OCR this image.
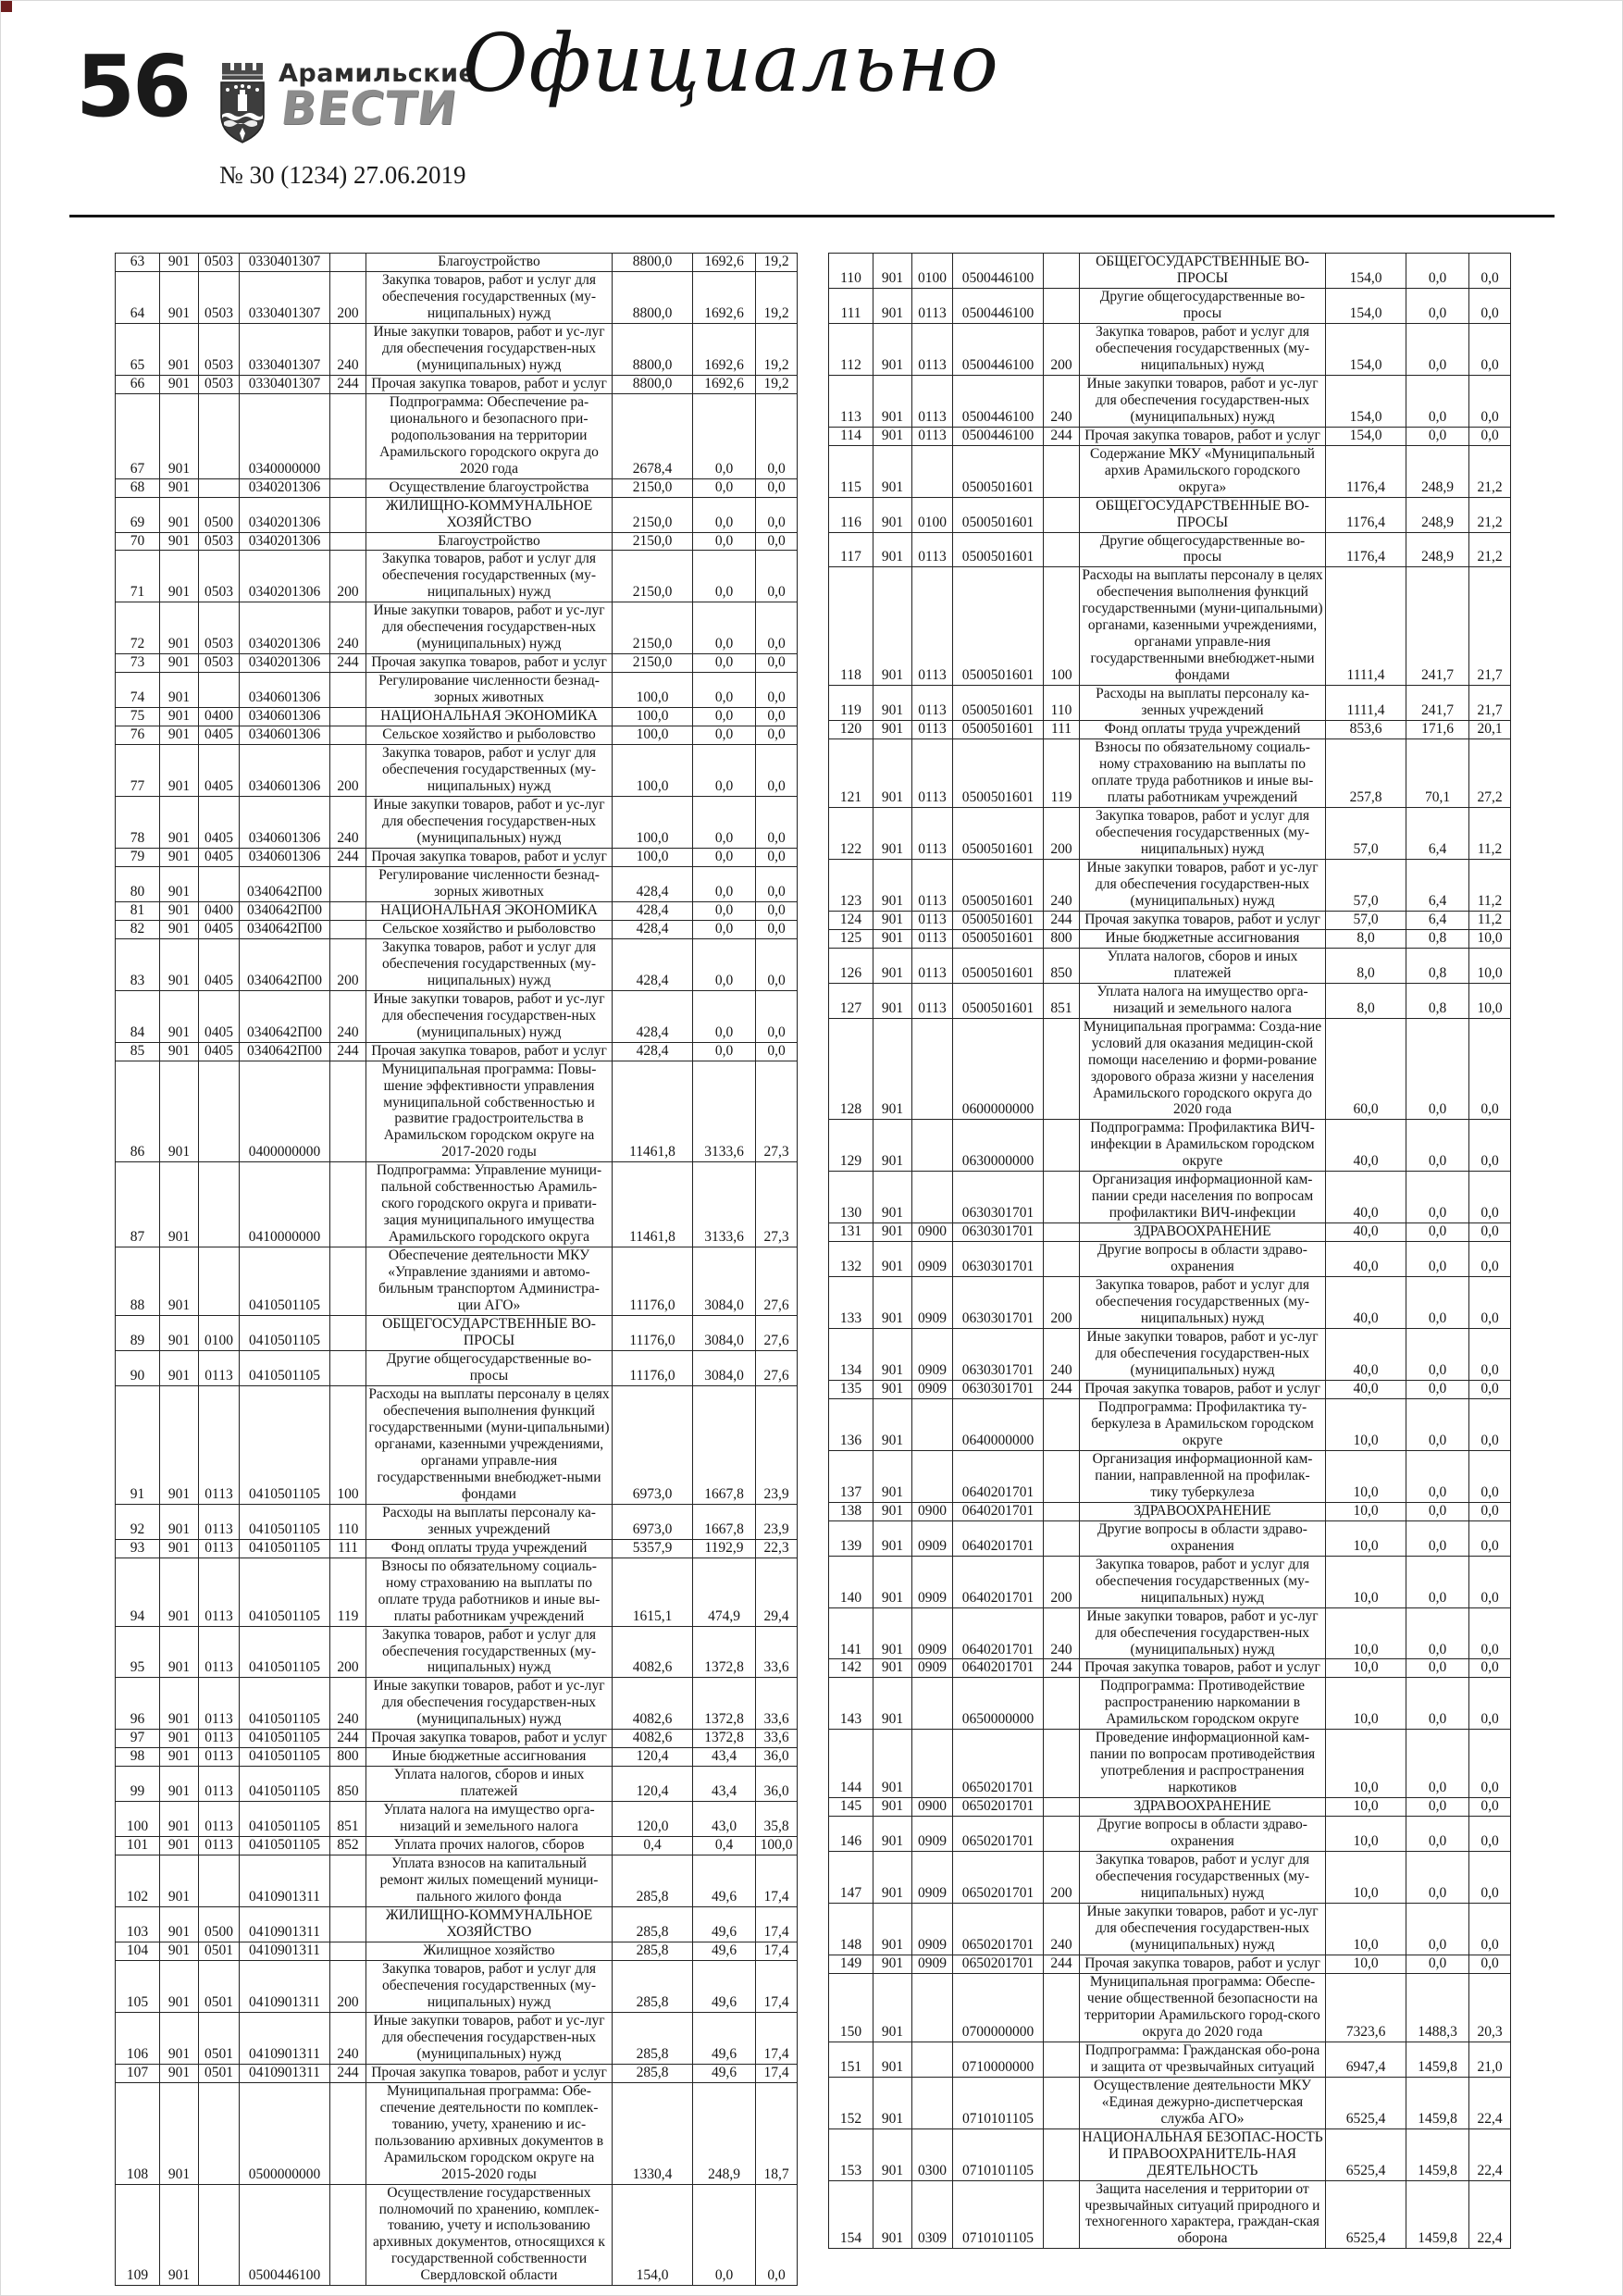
56	Арамильские
ВЕСТИ
№ 30 (1234) 27.06.2019
Официально
63	901	0503	0330401307		Благоустройство	8800,0	1692,6	19,2
64	901	0503	0330401307	200	Закупка товаров, работ и услуг для обеспечения государственных (му-ниципальных) нужд	8800,0	1692,6	19,2
65	901	0503	0330401307	240	Иные закупки товаров, работ и ус-луг для обеспечения государствен-ных (муниципальных) нужд	8800,0	1692,6	19,2
66	901	0503	0330401307	244	Прочая закупка товаров, работ и услуг	8800,0	1692,6	19,2
67	901		0340000000		Подпрограмма: Обеспечение ра-ционального и безопасного при-родопользования на территории Арамильского городского округа до 2020 года	2678,4	0,0	0,0
68	901		0340201306		Осуществление благоустройства	2150,0	0,0	0,0
69	901	0500	0340201306		ЖИЛИЩНО-КОММУНАЛЬНОЕ ХОЗЯЙСТВО	2150,0	0,0	0,0
70	901	0503	0340201306		Благоустройство	2150,0	0,0	0,0
71	901	0503	0340201306	200	Закупка товаров, работ и услуг для обеспечения государственных (му-ниципальных) нужд	2150,0	0,0	0,0
72	901	0503	0340201306	240	Иные закупки товаров, работ и ус-луг для обеспечения государствен-ных (муниципальных) нужд	2150,0	0,0	0,0
73	901	0503	0340201306	244	Прочая закупка товаров, работ и услуг	2150,0	0,0	0,0
74	901		0340601306		Регулирование численности безнад-зорных животных	100,0	0,0	0,0
75	901	0400	0340601306		НАЦИОНАЛЬНАЯ ЭКОНОМИКА	100,0	0,0	0,0
76	901	0405	0340601306		Сельское хозяйство и рыболовство	100,0	0,0	0,0
77	901	0405	0340601306	200	Закупка товаров, работ и услуг для обеспечения государственных (му-ниципальных) нужд	100,0	0,0	0,0
78	901	0405	0340601306	240	Иные закупки товаров, работ и ус-луг для обеспечения государствен-ных (муниципальных) нужд	100,0	0,0	0,0
79	901	0405	0340601306	244	Прочая закупка товаров, работ и услуг	100,0	0,0	0,0
80	901		0340642П00		Регулирование численности безнад-зорных животных	428,4	0,0	0,0
81	901	0400	0340642П00		НАЦИОНАЛЬНАЯ ЭКОНОМИКА	428,4	0,0	0,0
82	901	0405	0340642П00		Сельское хозяйство и рыболовство	428,4	0,0	0,0
83	901	0405	0340642П00	200	Закупка товаров, работ и услуг для обеспечения государственных (му-ниципальных) нужд	428,4	0,0	0,0
84	901	0405	0340642П00	240	Иные закупки товаров, работ и ус-луг для обеспечения государствен-ных (муниципальных) нужд	428,4	0,0	0,0
85	901	0405	0340642П00	244	Прочая закупка товаров, работ и услуг	428,4	0,0	0,0
86	901		0400000000		Муниципальная программа: Повы-шение эффективности управления муниципальной собственностью и развитие градостроительства в Арамильском городском округе на 2017-2020 годы	11461,8	3133,6	27,3
87	901		0410000000		Подпрограмма: Управление муници-пальной собственностью Арамиль-ского городского округа и привати-зация муниципального имущества Арамильского городского округа	11461,8	3133,6	27,3
88	901		0410501105		Обеспечение деятельности МКУ «Управление зданиями и автомо-бильным транспортом Администра-ции АГО»	11176,0	3084,0	27,6
89	901	0100	0410501105		ОБЩЕГОСУДАРСТВЕННЫЕ ВО-ПРОСЫ	11176,0	3084,0	27,6
90	901	0113	0410501105		Другие общегосударственные во-просы	11176,0	3084,0	27,6
91	901	0113	0410501105	100	Расходы на выплаты персоналу в целях обеспечения выполнения функций государственными (муни-ципальными) органами, казенными учреждениями, органами управле-ния государственными внебюджет-ными фондами	6973,0	1667,8	23,9
92	901	0113	0410501105	110	Расходы на выплаты персоналу ка-зенных учреждений	6973,0	1667,8	23,9
93	901	0113	0410501105	111	Фонд оплаты труда учреждений	5357,9	1192,9	22,3
94	901	0113	0410501105	119	Взносы по обязательному социаль-ному страхованию на выплаты по оплате труда работников и иные вы-платы работникам учреждений	1615,1	474,9	29,4
95	901	0113	0410501105	200	Закупка товаров, работ и услуг для обеспечения государственных (му-ниципальных) нужд	4082,6	1372,8	33,6
96	901	0113	0410501105	240	Иные закупки товаров, работ и ус-луг для обеспечения государствен-ных (муниципальных) нужд	4082,6	1372,8	33,6
97	901	0113	0410501105	244	Прочая закупка товаров, работ и услуг	4082,6	1372,8	33,6
98	901	0113	0410501105	800	Иные бюджетные ассигнования	120,4	43,4	36,0
99	901	0113	0410501105	850	Уплата налогов, сборов и иных платежей	120,4	43,4	36,0
100	901	0113	0410501105	851	Уплата налога на имущество орга-низаций и земельного налога	120,0	43,0	35,8
101	901	0113	0410501105	852	Уплата прочих налогов, сборов	0,4	0,4	100,0
102	901		0410901311		Уплата взносов на капитальный ремонт жилых помещений муници-пального жилого фонда	285,8	49,6	17,4
103	901	0500	0410901311		ЖИЛИЩНО-КОММУНАЛЬНОЕ ХОЗЯЙСТВО	285,8	49,6	17,4
104	901	0501	0410901311		Жилищное хозяйство	285,8	49,6	17,4
105	901	0501	0410901311	200	Закупка товаров, работ и услуг для обеспечения государственных (му-ниципальных) нужд	285,8	49,6	17,4
106	901	0501	0410901311	240	Иные закупки товаров, работ и ус-луг для обеспечения государствен-ных (муниципальных) нужд	285,8	49,6	17,4
107	901	0501	0410901311	244	Прочая закупка товаров, работ и услуг	285,8	49,6	17,4
108	901		0500000000		Муниципальная программа: Обе-спечение деятельности по комплек-тованию, учету, хранению и ис-пользованию архивных документов в Арамильском городском округе на 2015-2020 годы	1330,4	248,9	18,7
109	901		0500446100		Осуществление государственных полномочий по хранению, комплек-тованию, учету и использованию архивных документов, относящихся к государственной собственности Свердловской области	154,0	0,0	0,0
110	901	0100	0500446100		ОБЩЕГОСУДАРСТВЕННЫЕ ВО-ПРОСЫ	154,0	0,0	0,0
111	901	0113	0500446100		Другие общегосударственные во-просы	154,0	0,0	0,0
112	901	0113	0500446100	200	Закупка товаров, работ и услуг для обеспечения государственных (му-ниципальных) нужд	154,0	0,0	0,0
113	901	0113	0500446100	240	Иные закупки товаров, работ и ус-луг для обеспечения государствен-ных (муниципальных) нужд	154,0	0,0	0,0
114	901	0113	0500446100	244	Прочая закупка товаров, работ и услуг	154,0	0,0	0,0
115	901		0500501601		Содержание МКУ «Муниципальный архив Арамильского городского округа»	1176,4	248,9	21,2
116	901	0100	0500501601		ОБЩЕГОСУДАРСТВЕННЫЕ ВО-ПРОСЫ	1176,4	248,9	21,2
117	901	0113	0500501601		Другие общегосударственные во-просы	1176,4	248,9	21,2
118	901	0113	0500501601	100	Расходы на выплаты персоналу в целях обеспечения выполнения функций государственными (муни-ципальными) органами, казенными учреждениями, органами управле-ния государственными внебюджет-ными фондами	1111,4	241,7	21,7
119	901	0113	0500501601	110	Расходы на выплаты персоналу ка-зенных учреждений	1111,4	241,7	21,7
120	901	0113	0500501601	111	Фонд оплаты труда учреждений	853,6	171,6	20,1
121	901	0113	0500501601	119	Взносы по обязательному социаль-ному страхованию на выплаты по оплате труда работников и иные вы-платы работникам учреждений	257,8	70,1	27,2
122	901	0113	0500501601	200	Закупка товаров, работ и услуг для обеспечения государственных (му-ниципальных) нужд	57,0	6,4	11,2
123	901	0113	0500501601	240	Иные закупки товаров, работ и ус-луг для обеспечения государствен-ных (муниципальных) нужд	57,0	6,4	11,2
124	901	0113	0500501601	244	Прочая закупка товаров, работ и услуг	57,0	6,4	11,2
125	901	0113	0500501601	800	Иные бюджетные ассигнования	8,0	0,8	10,0
126	901	0113	0500501601	850	Уплата налогов, сборов и иных платежей	8,0	0,8	10,0
127	901	0113	0500501601	851	Уплата налога на имущество орга-низаций и земельного налога	8,0	0,8	10,0
128	901		0600000000		Муниципальная программа: Созда-ние условий для оказания медицин-ской помощи населению и форми-рование здорового образа жизни у населения Арамильского городского округа до 2020 года	60,0	0,0	0,0
129	901		0630000000		Подпрограмма: Профилактика ВИЧ-инфекции в Арамильском городском округе	40,0	0,0	0,0
130	901		0630301701		Организация информационной кам-пании среди населения по вопросам профилактики ВИЧ-инфекции	40,0	0,0	0,0
131	901	0900	0630301701		ЗДРАВООХРАНЕНИЕ	40,0	0,0	0,0
132	901	0909	0630301701		Другие вопросы в области здраво-охранения	40,0	0,0	0,0
133	901	0909	0630301701	200	Закупка товаров, работ и услуг для обеспечения государственных (му-ниципальных) нужд	40,0	0,0	0,0
134	901	0909	0630301701	240	Иные закупки товаров, работ и ус-луг для обеспечения государствен-ных (муниципальных) нужд	40,0	0,0	0,0
135	901	0909	0630301701	244	Прочая закупка товаров, работ и услуг	40,0	0,0	0,0
136	901		0640000000		Подпрограмма: Профилактика ту-беркулеза в Арамильском городском округе	10,0	0,0	0,0
137	901		0640201701		Организация информационной кам-пании, направленной на профилак-тику туберкулеза	10,0	0,0	0,0
138	901	0900	0640201701		ЗДРАВООХРАНЕНИЕ	10,0	0,0	0,0
139	901	0909	0640201701		Другие вопросы в области здраво-охранения	10,0	0,0	0,0
140	901	0909	0640201701	200	Закупка товаров, работ и услуг для обеспечения государственных (му-ниципальных) нужд	10,0	0,0	0,0
141	901	0909	0640201701	240	Иные закупки товаров, работ и ус-луг для обеспечения государствен-ных (муниципальных) нужд	10,0	0,0	0,0
142	901	0909	0640201701	244	Прочая закупка товаров, работ и услуг	10,0	0,0	0,0
143	901		0650000000		Подпрограмма: Противодействие распространению наркомании в Арамильском городском округе	10,0	0,0	0,0
144	901		0650201701		Проведение информационной кам-пании по вопросам противодействия употребления и распространения наркотиков	10,0	0,0	0,0
145	901	0900	0650201701		ЗДРАВООХРАНЕНИЕ	10,0	0,0	0,0
146	901	0909	0650201701		Другие вопросы в области здраво-охранения	10,0	0,0	0,0
147	901	0909	0650201701	200	Закупка товаров, работ и услуг для обеспечения государственных (му-ниципальных) нужд	10,0	0,0	0,0
148	901	0909	0650201701	240	Иные закупки товаров, работ и ус-луг для обеспечения государствен-ных (муниципальных) нужд	10,0	0,0	0,0
149	901	0909	0650201701	244	Прочая закупка товаров, работ и услуг	10,0	0,0	0,0
150	901		0700000000		Муниципальная программа: Обеспе-чение общественной безопасности на территории Арамильского город-ского округа до 2020 года	7323,6	1488,3	20,3
151	901		0710000000		Подпрограмма: Гражданская обо-рона и защита от чрезвычайных ситуаций	6947,4	1459,8	21,0
152	901		0710101105		Осуществление деятельности МКУ «Единая дежурно-диспетчерская служба АГО»	6525,4	1459,8	22,4
153	901	0300	0710101105		НАЦИОНАЛЬНАЯ БЕЗОПАС-НОСТЬ И ПРАВООХРАНИТЕЛЬ-НАЯ ДЕЯТЕЛЬНОСТЬ	6525,4	1459,8	22,4
154	901	0309	0710101105		Защита населения и территории от чрезвычайных ситуаций природного и техногенного характера, граждан-ская оборона	6525,4	1459,8	22,4
